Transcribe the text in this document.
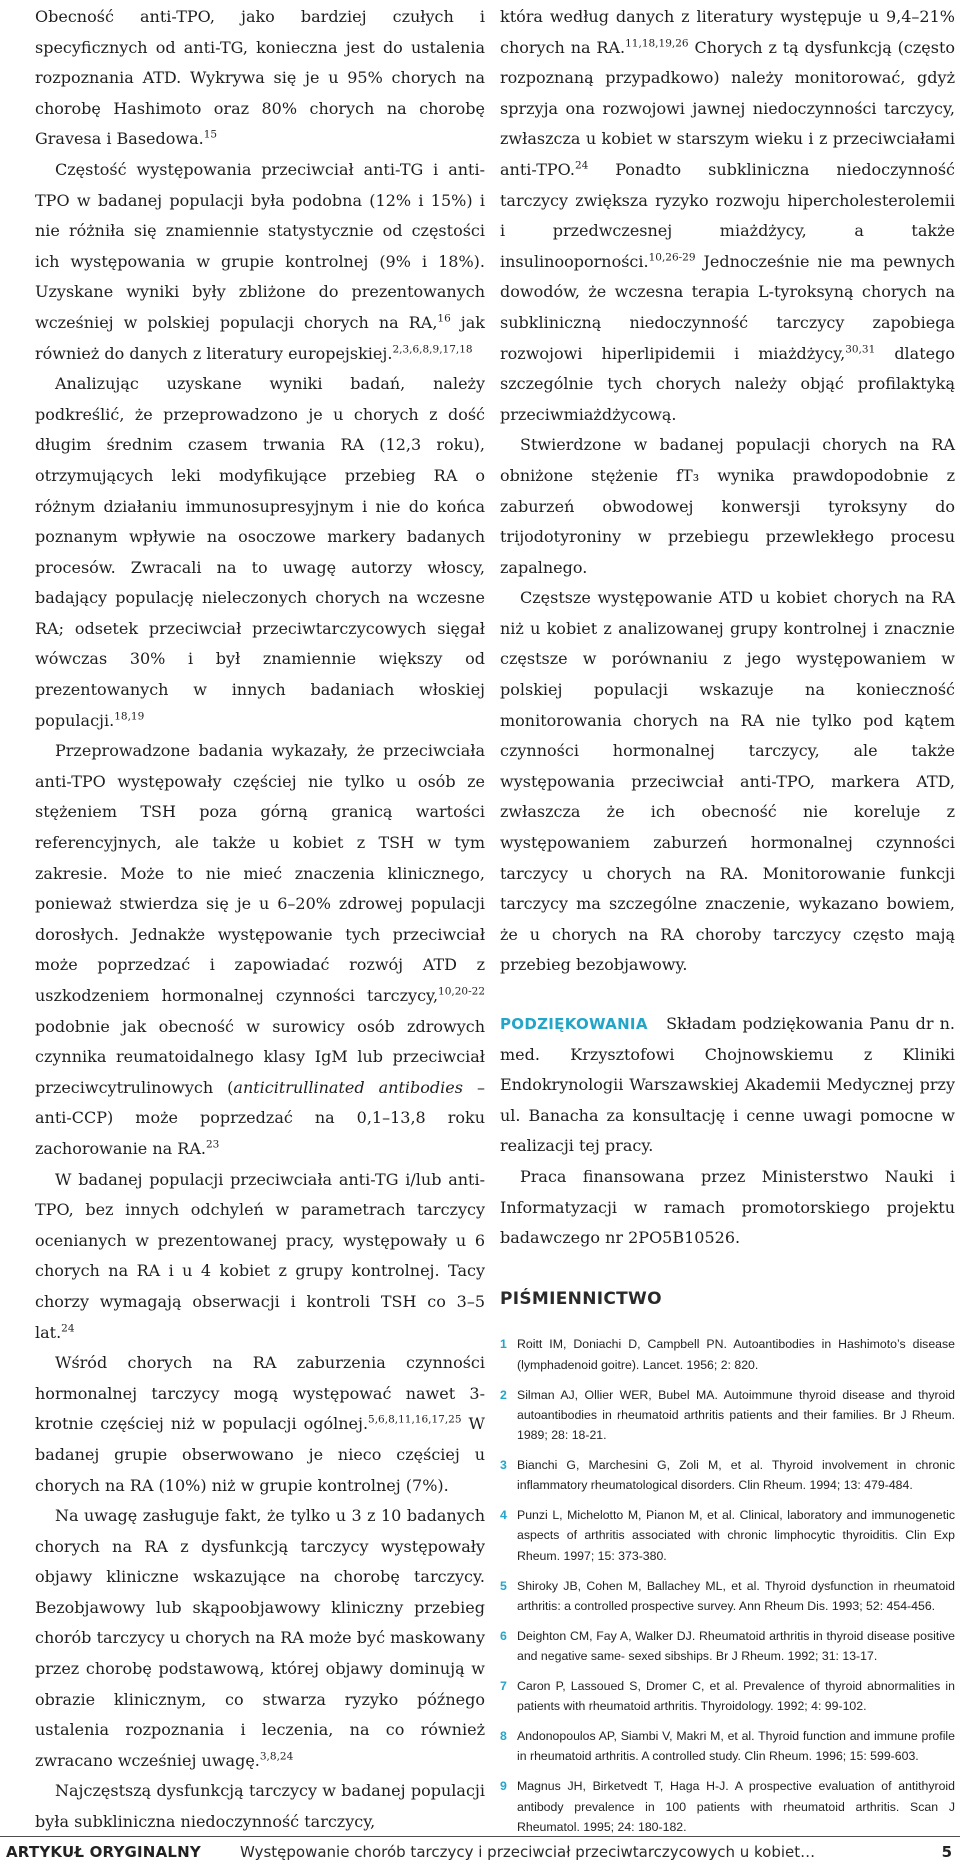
Obecność anti-TPO, jako bardziej czułych i specyficznych od anti-TG, konieczna jest do ustalenia rozpoznania ATD. Wykrywa się je u 95% chorych na chorobę Hashimoto oraz 80% chorych na chorobę Gravesa i Basedowa.$^{15}$

Częstość występowania przeciwciał anti-TG i anti-TPO w badanej populacji była podobna (12% i 15%) i nie różniła się znamiennie statystycznie od częstości ich występowania w grupie kontrolnej (9% i 18%). Uzyskane wyniki były zbliżone do prezentowanych wcześniej w polskiej populacji chorych na RA,$^{16}$ jak również do danych z literatury europejskiej.$^{2,3,6,8,9,17,18}$

Analizując uzyskane wyniki badań, należy podkreślić, że przeprowadzono je u chorych z dość długim średnim czasem trwania RA (12,3 roku), otrzymujących leki modyfikujące przebieg RA o różnym działaniu immunosupresyjnym i nie do końca poznanym wpływie na osoczowe markery badanych procesów. Zwracali na to uwagę autorzy włoscy, badający populację nieleczonych chorych na wczesne RA; odsetek przeciwciał przeciwtarczycowych sięgał wówczas 30% i był znamiennie większy od prezentowanych w innych badaniach włoskiej populacji.$^{18,19}$

Przeprowadzone badania wykazały, że przeciwciała anti-TPO występowały częściej nie tylko u osób ze stężeniem TSH poza górną granicą wartości referencyjnych, ale także u kobiet z TSH w tym zakresie. Może to nie mieć znaczenia klinicznego, ponieważ stwierdza się je u 6–20% zdrowej populacji dorosłych. Jednakże występowanie tych przeciwciał może poprzedzać i zapowiadać rozwój ATD z uszkodzeniem hormonalnej czynności tarczycy,$^{10,20-22}$ podobnie jak obecność w surowicy osób zdrowych czynnika reumatoidalnego klasy IgM lub przeciwciał przeciwcytrulinowych (anticitrullinated antibodies – anti-CCP) może poprzedzać na 0,1–13,8 roku zachorowanie na RA.$^{23}$

W badanej populacji przeciwciała anti-TG i/lub anti-TPO, bez innych odchyleń w parametrach tarczycy ocenianych w prezentowanej pracy, występowały u 6 chorych na RA i u 4 kobiet z grupy kontrolnej. Tacy chorzy wymagają obserwacji i kontroli TSH co 3–5 lat.$^{24}$

Wśród chorych na RA zaburzenia czynności hormonalnej tarczycy mogą występować nawet 3-krotnie częściej niż w populacji ogólnej.$^{5,6,8,11,16,17,25}$ W badanej grupie obserwowano je nieco częściej u chorych na RA (10%) niż w grupie kontrolnej (7%).

Na uwagę zasługuje fakt, że tylko u 3 z 10 badanych chorych na RA z dysfunkcją tarczycy występowały objawy kliniczne wskazujące na chorobę tarczycy. Bezobjawowy lub skąpoobjawowy kliniczny przebieg chorób tarczycy u chorych na RA może być maskowany przez chorobę podstawową, której objawy dominują w obrazie klinicznym, co stwarza ryzyko późnego ustalenia rozpoznania i leczenia, na co również zwracano wcześniej uwagę.$^{3,8,24}$

Najczęstszą dysfunkcją tarczycy w badanej populacji była subkliniczna niedoczynność tarczycy,

która według danych z literatury występuje u 9,4–21% chorych na RA.$^{11,18,19,26}$ Chorych z tą dysfunkcją (często rozpoznaną przypadkowo) należy monitorować, gdyż sprzyja ona rozwojowi jawnej niedoczynności tarczycy, zwłaszcza u kobiet w starszym wieku i z przeciwciałami anti-TPO.$^{24}$ Ponadto subkliniczna niedoczynność tarczycy zwiększa ryzyko rozwoju hipercholesterolemii i przedwczesnej miażdżycy, a także insulinooporności.$^{10,26-29}$ Jednocześnie nie ma pewnych dowodów, że wczesna terapia L-tyroksyną chorych na subkliniczną niedoczynność tarczycy zapobiega rozwojowi hiperlipidemii i miażdżycy,$^{30,31}$ dlatego szczególnie tych chorych należy objąć profilaktyką przeciwmiażdżycową.

Stwierdzone w badanej populacji chorych na RA obniżone stężenie fT₃ wynika prawdopodobnie z zaburzeń obwodowej konwersji tyroksyny do trijodotyroniny w przebiegu przewlekłego procesu zapalnego.

Częstsze występowanie ATD u kobiet chorych na RA niż u kobiet z analizowanej grupy kontrolnej i znacznie częstsze w porównaniu z jego występowaniem w polskiej populacji wskazuje na konieczność monitorowania chorych na RA nie tylko pod kątem czynności hormonalnej tarczycy, ale także występowania przeciwciał anti-TPO, markera ATD, zwłaszcza że ich obecność nie koreluje z występowaniem zaburzeń hormonalnej czynności tarczycy u chorych na RA. Monitorowanie funkcji tarczycy ma szczególne znaczenie, wykazano bowiem, że u chorych na RA choroby tarczycy często mają przebieg bezobjawowy.

PODZIĘKOWANIA Składam podziękowania Panu dr n. med. Krzysztofowi Chojnowskiemu z Kliniki Endokrynologii Warszawskiej Akademii Medycznej przy ul. Banacha za konsultację i cenne uwagi pomocne w realizacji tej pracy.

Praca finansowana przez Ministerstwo Nauki i Informatyzacji w ramach promotorskiego projektu badawczego nr 2PO5B10526.

PIŚMIENNICTWO
1 Roitt IM, Doniachi D, Campbell PN. Autoantibodies in Hashimoto’s disease (lymphadenoid goitre). Lancet. 1956; 2: 820.
2 Silman AJ, Ollier WER, Bubel MA. Autoimmune thyroid disease and thyroid autoantibodies in rheumatoid arthritis patients and their families. Br J Rheum. 1989; 28: 18-21.
3 Bianchi G, Marchesini G, Zoli M, et al. Thyroid involvement in chronic inflammatory rheumatological disorders. Clin Rheum. 1994; 13: 479-484.
4 Punzi L, Michelotto M, Pianon M, et al. Clinical, laboratory and immunogenetic aspects of arthritis associated with chronic limphocytic thyroiditis. Clin Exp Rheum. 1997; 15: 373-380.
5 Shiroky JB, Cohen M, Ballachey ML, et al. Thyroid dysfunction in rheumatoid arthritis: a controlled prospective survey. Ann Rheum Dis. 1993; 52: 454-456.
6 Deighton CM, Fay A, Walker DJ. Rheumatoid arthritis in thyroid disease positive and negative same- sexed sibships. Br J Rheum. 1992; 31: 13-17.
7 Caron P, Lassoued S, Dromer C, et al. Prevalence of thyroid abnormalities in patients with rheumatoid arthritis. Thyroidology. 1992; 4: 99-102.
8 Andonopoulos AP, Siambi V, Makri M, et al. Thyroid function and immune profile in rheumatoid arthritis. A controlled study. Clin Rheum. 1996; 15: 599-603.
9 Magnus JH, Birketvedt T, Haga H-J. A prospective evaluation of antithyroid antibody prevalence in 100 patients with rheumatoid arthritis. Scan J Rheumatol. 1995; 24: 180-182.
ARTYKUŁ ORYGINALNY	Występowanie chorób tarczycy i przeciwciał przeciwtarczycowych u kobiet…	5
